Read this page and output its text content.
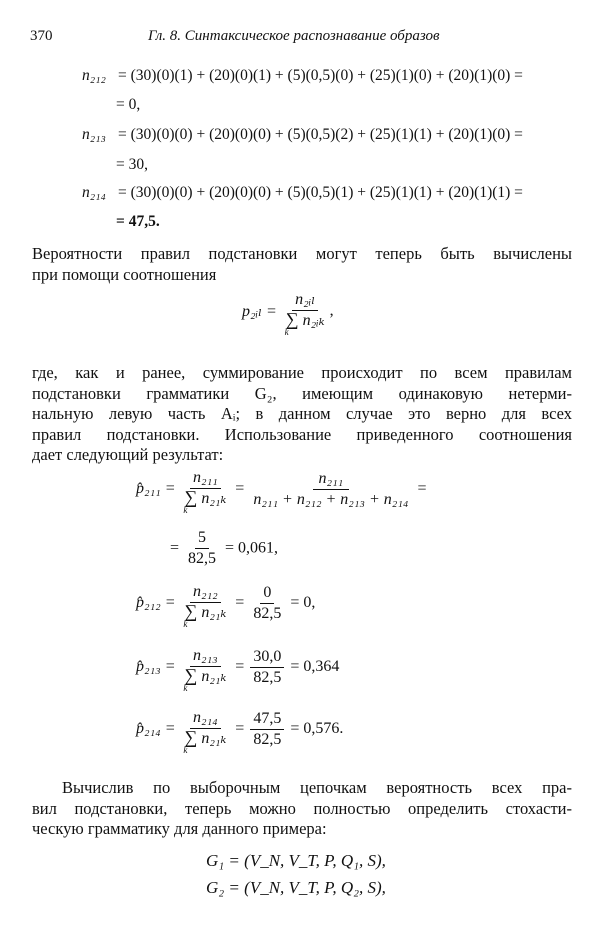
370	Гл. 8. Синтаксическое распознавание образов
n₂₁₂ = (30)(0)(1) + (20)(0)(1) + (5)(0,5)(0) + (25)(1)(0) + (20)(1)(0) =
= 0,
n₂₁₃ = (30)(0)(0) + (20)(0)(0) + (5)(0,5)(2) + (25)(1)(1) + (20)(1)(0) =
= 30,
n₂₁₄ = (30)(0)(0) + (20)(0)(0) + (5)(0,5)(1) + (25)(1)(1) + (20)(1)(1) =
= 47,5.
Вероятности правил подстановки могут теперь быть вычислены
при помощи соотношения
p₂ᵢₗ = $\frac{\text{n₂ᵢₗ}}{\text{∑k n₂ᵢₖ}}$ ,
где, как и ранее, суммирование происходит по всем правилам
подстановки грамматики G₂, имеющим одинаковую нетерми-
нальную левую часть Aᵢ; в данном случае это верно для всех
правил подстановки. Использование приведенного соотношения
дает следующий результат:
p̂₂₁₁ = $\frac{\text{n₂₁₁}}{\text{∑k n₂₁ₖ}} = \frac{\text{n₂₁₁}}{\text{n₂₁₁ + n₂₁₂ + n₂₁₃ + n₂₁₄}}$ =
= $\frac{5}{82,5} = 0,061$,
p̂₂₁₂ = $\frac{\text{n₂₁₂}}{\text{∑k n₂₁ₖ}} = \frac{0}{82,5} = 0$,
p̂₂₁₃ = $\frac{\text{n₂₁₃}}{\text{∑k n₂₁ₖ}} = \frac{30,0}{82,5} = 0,364$
p̂₂₁₄ = $\frac{\text{n₂₁₄}}{\text{∑k n₂₁ₖ}} = \frac{47,5}{82,5} = 0,576$.
Вычислив по выборочным цепочкам вероятность всех пра-
вил подстановки, теперь можно полностью определить стохасти-
ческую грамматику для данного примера:
G₁ = (V_N, V_T, P, Q₁, S),
G₂ = (V_N, V_T, P, Q₂, S),
